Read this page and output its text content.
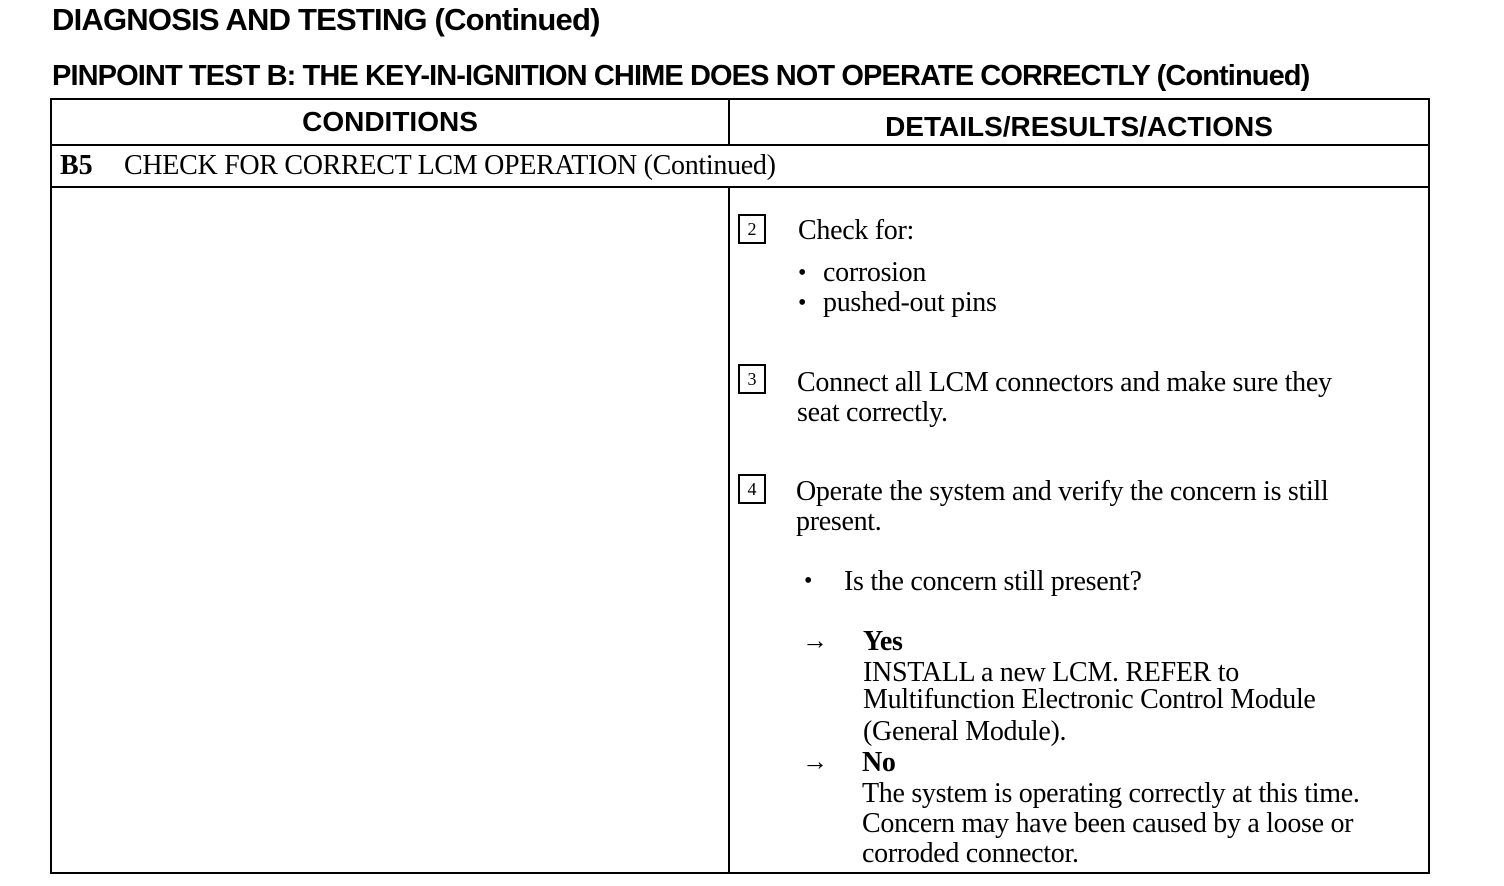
DIAGNOSIS AND TESTING (Continued)
PINPOINT TEST B: THE KEY-IN-IGNITION CHIME DOES NOT OPERATE CORRECTLY (Continued)
CONDITIONS	DETAILS/RESULTS/ACTIONS
B5 CHECK FOR CORRECT LCM OPERATION (Continued)
2	Check for:
• corrosion
• pushed-out pins
3	Connect all LCM connectors and make sure they
seat correctly.
4	Operate the system and verify the concern is still
present.
• Is the concern still present?
→ Yes
INSTALL a new LCM. REFER to
Multifunction Electronic Control Module
(General Module).
→ No
The system is operating correctly at this time.
Concern may have been caused by a loose or
corroded connector.
